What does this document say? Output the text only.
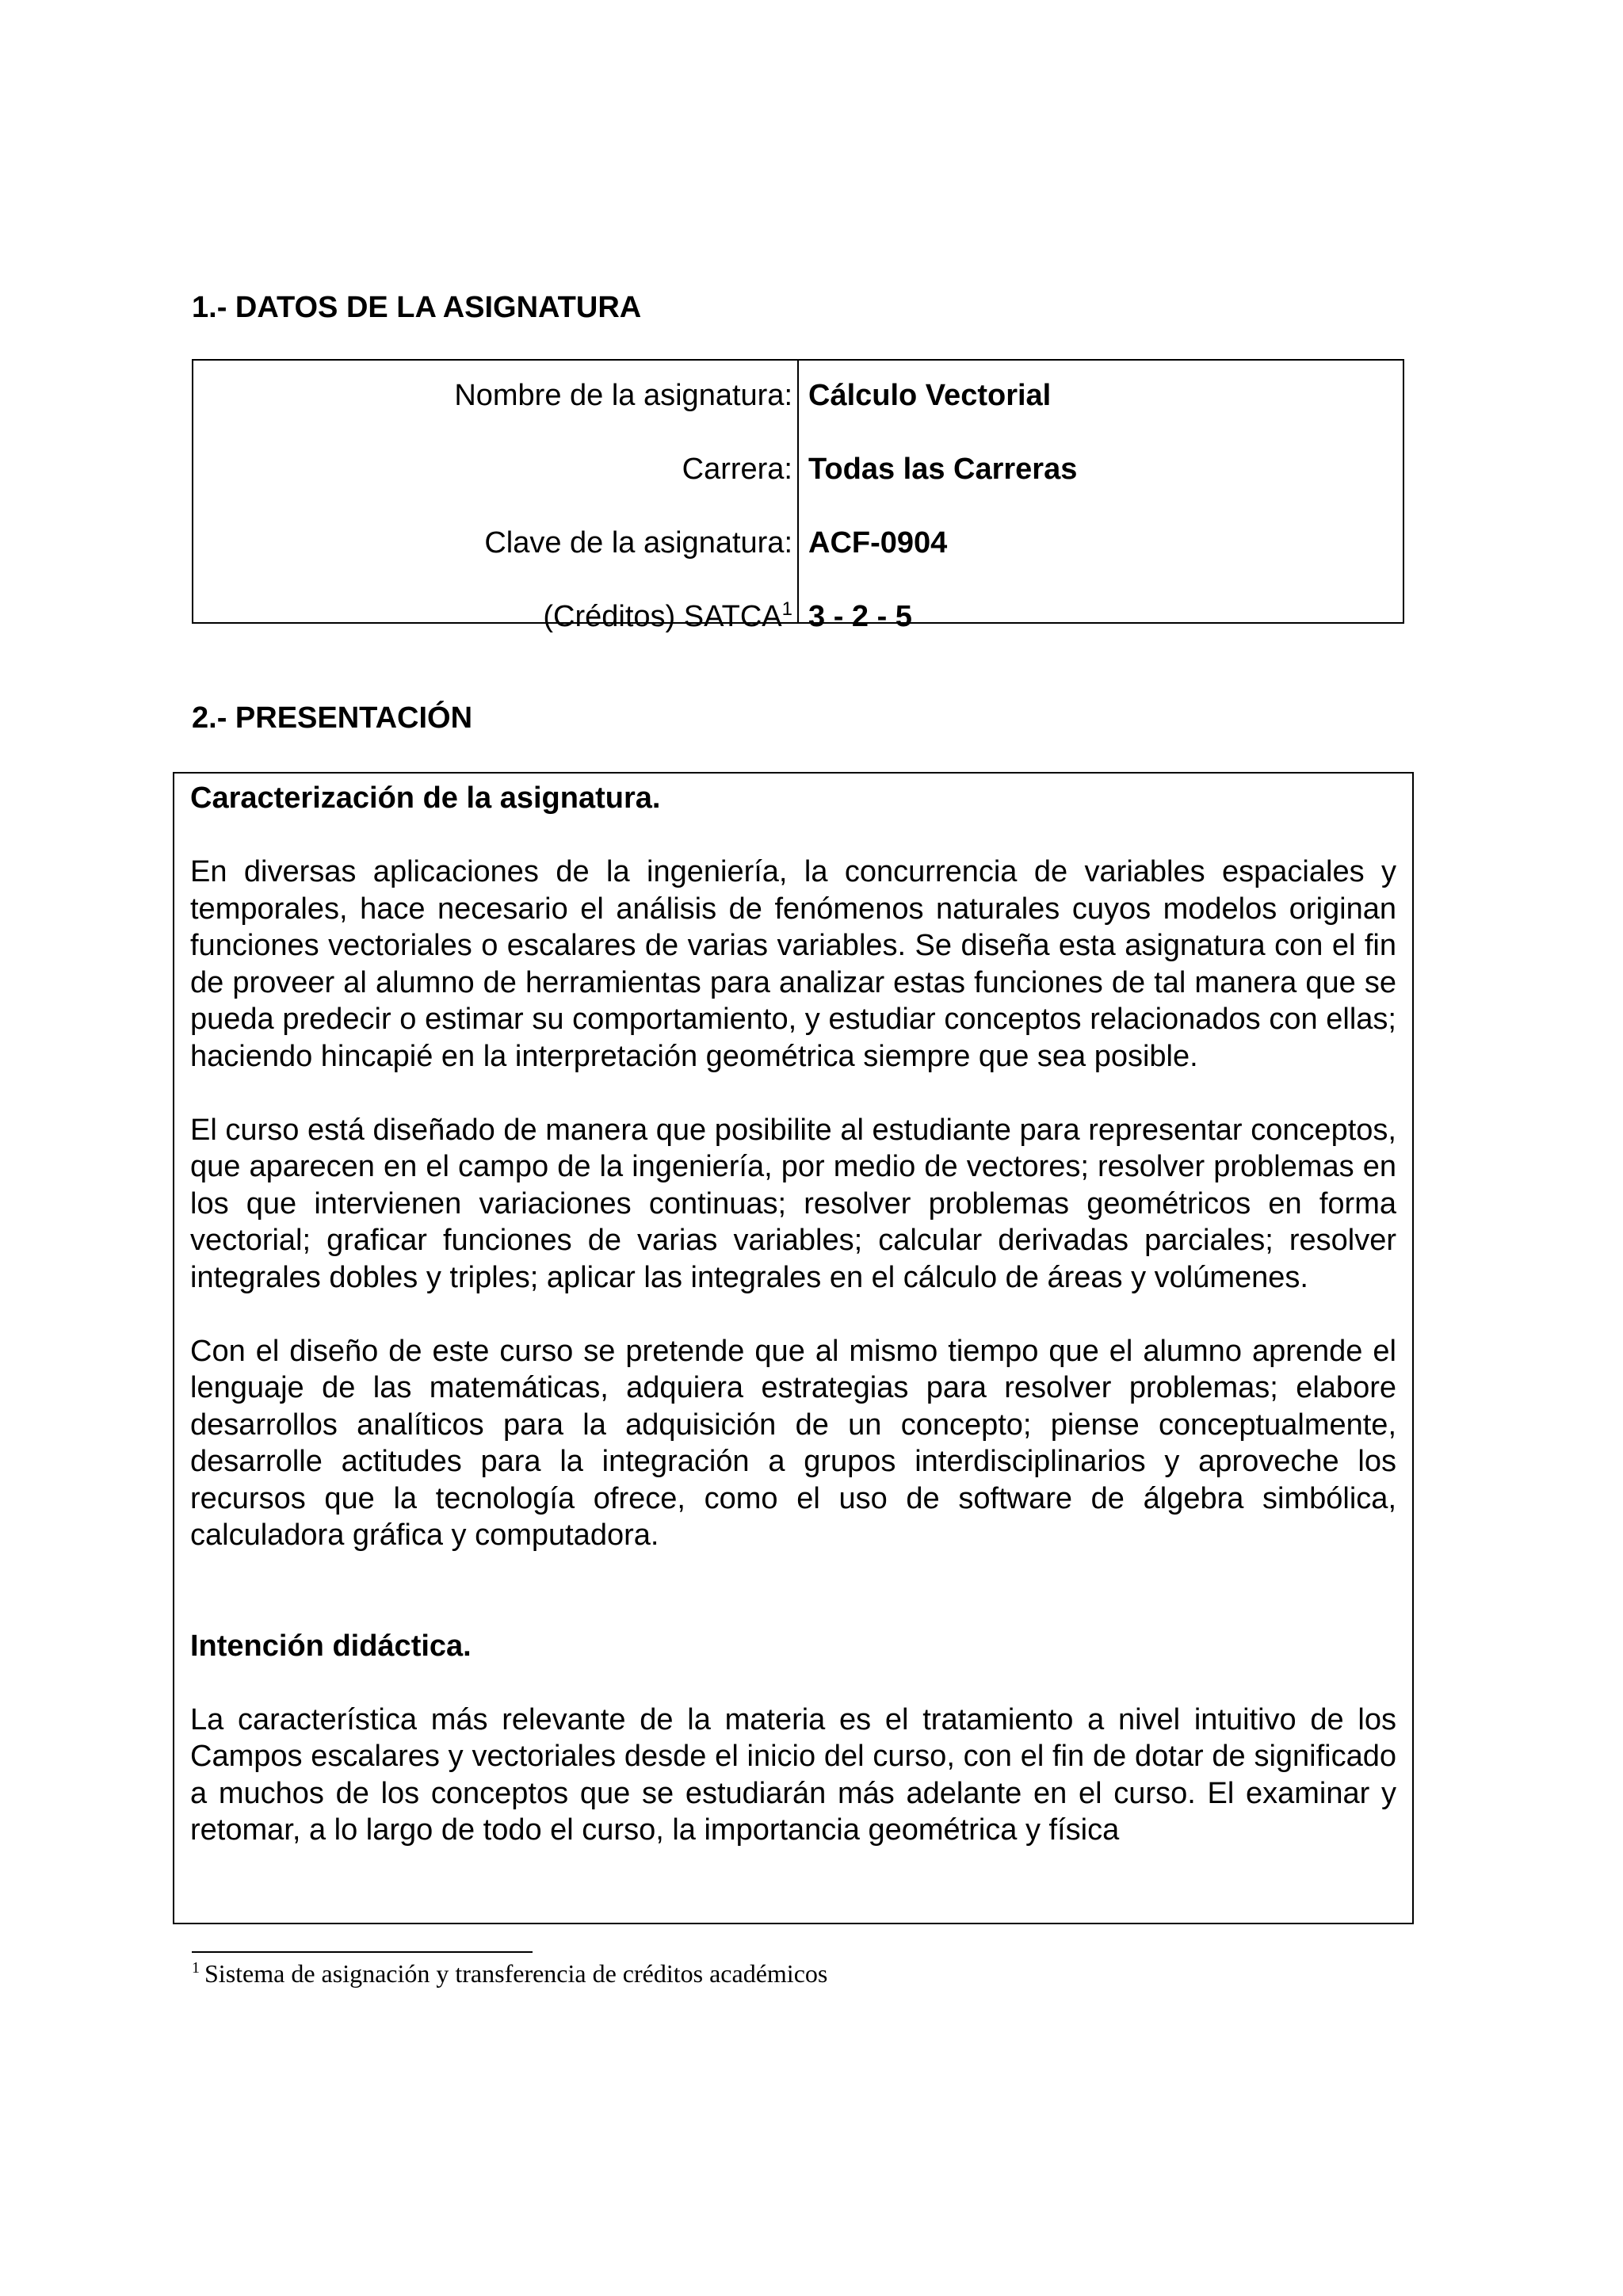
1.- DATOS DE LA ASIGNATURA
Nombre de la asignatura: Cálculo Vectorial
Carrera: Todas las Carreras
Clave de la asignatura: ACF-0904
(Créditos) SATCA$^1$ 3 - 2 - 5
2.- PRESENTACIÓN

Caracterización de la asignatura.

En diversas aplicaciones de la ingeniería, la concurrencia de variables espaciales y temporales, hace necesario el análisis de fenómenos naturales cuyos modelos originan funciones vectoriales o escalares de varias variables. Se diseña esta asignatura con el fin de proveer al alumno de herramientas para analizar estas funciones de tal manera que se pueda predecir o estimar su comportamiento, y estudiar conceptos relacionados con ellas; haciendo hincapié en la interpretación geométrica siempre que sea posible.

El curso está diseñado de manera que posibilite al estudiante para representar conceptos, que aparecen en el campo de la ingeniería, por medio de vectores; resolver problemas en los que intervienen variaciones continuas; resolver problemas geométricos en forma vectorial; graficar funciones de varias variables; calcular derivadas parciales; resolver integrales dobles y triples; aplicar las integrales en el cálculo de áreas y volúmenes.

Con el diseño de este curso se pretende que al mismo tiempo que el alumno aprende el lenguaje de las matemáticas, adquiera estrategias para resolver problemas; elabore desarrollos analíticos para la adquisición de un concepto; piense conceptualmente, desarrolle actitudes para la integración a grupos interdisciplinarios y aproveche los recursos que la tecnología ofrece, como el uso de software de álgebra simbólica, calculadora gráfica y computadora.

Intención didáctica.

La característica más relevante de la materia es el tratamiento a nivel intuitivo de los Campos escalares y vectoriales desde el inicio del curso, con el fin de dotar de significado a muchos de los conceptos que se estudiarán más adelante en el curso. El examinar y retomar, a lo largo de todo el curso, la importancia geométrica y física

$^1$ Sistema de asignación y transferencia de créditos académicos
